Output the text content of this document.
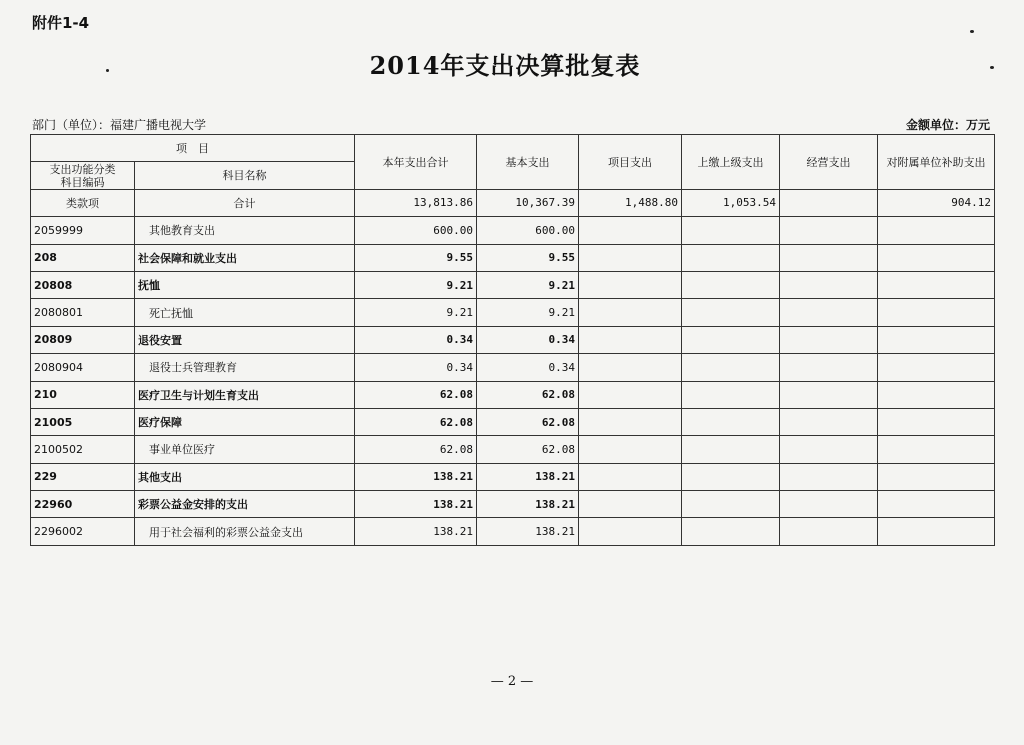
附件1-4
2014年支出决算批复表
部门（单位）：福建广播电视大学	金额单位：万元
项　目		本年支出合计	基本支出	项目支出	上缴上级支出	经营支出	对附属单位补助支出
支出功能分类
科目编码	科目名称						
类款项	合计	13,813.86	10,367.39	1,488.80	1,053.54		904.12
2059999	其他教育支出	600.00	600.00				
208	社会保障和就业支出	9.55	9.55				
20808	抚恤	9.21	9.21				
2080801	死亡抚恤	9.21	9.21				
20809	退役安置	0.34	0.34				
2080904	退役士兵管理教育	0.34	0.34				
210	医疗卫生与计划生育支出	62.08	62.08				
21005	医疗保障	62.08	62.08				
2100502	事业单位医疗	62.08	62.08				
229	其他支出	138.21	138.21				
22960	彩票公益金安排的支出	138.21	138.21				
2296002	用于社会福利的彩票公益金支出	138.21	138.21				
— 2 —
